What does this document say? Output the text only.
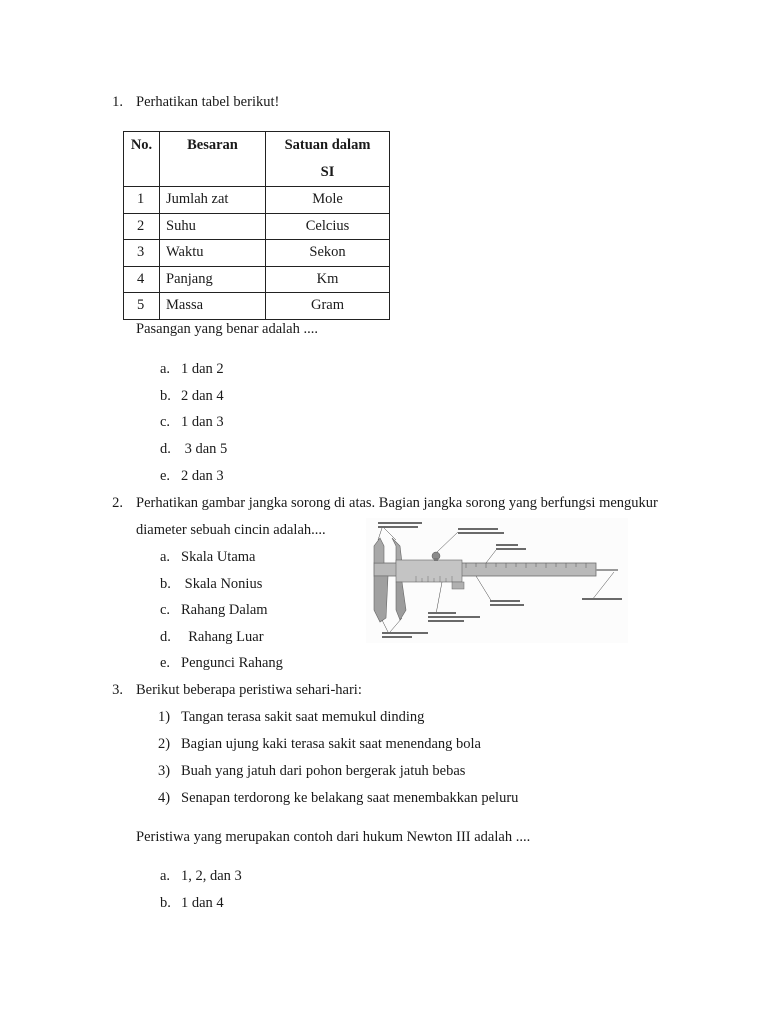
1. Perhatikan tabel berikut!
No.	Besaran	Satuan dalam
SI
1	Jumlah zat	Mole
2	Suhu	Celcius
3	Waktu	Sekon
4	Panjang	Km
5	Massa	Gram
Pasangan yang benar adalah ....
a. 1 dan 2
b. 2 dan 4
c. 1 dan 3
d. 3 dan 5
e. 2 dan 3
2. Perhatikan gambar jangka sorong di atas. Bagian jangka sorong yang berfungsi mengukur
diameter sebuah cincin adalah....
a. Skala Utama
b. Skala Nonius
c. Rahang Dalam
d. Rahang Luar
e. Pengunci Rahang
3. Berikut beberapa peristiwa sehari-hari:
1) Tangan terasa sakit saat memukul dinding
2) Bagian ujung kaki terasa sakit saat menendang bola
3) Buah yang jatuh dari pohon bergerak jatuh bebas
4) Senapan terdorong ke belakang saat menembakkan peluru
Peristiwa yang merupakan contoh dari hukum Newton III adalah ....
a. 1, 2, dan 3
b. 1 dan 4
